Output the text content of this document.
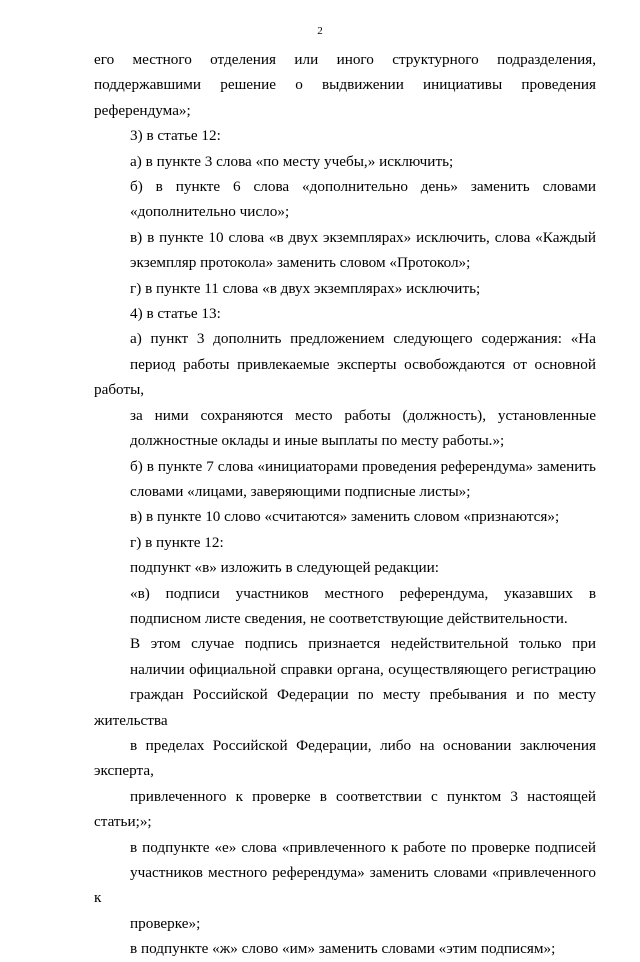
2
его местного отделения или иного структурного подразделения,
поддержавшими решение о выдвижении инициативы проведения
референдума»;
3) в статье 12:
а) в пункте 3 слова «по месту учебы,» исключить;
б) в пункте 6 слова «дополнительно день» заменить словами
«дополнительно число»;
в) в пункте 10 слова «в двух экземплярах» исключить, слова «Каждый
экземпляр протокола» заменить словом «Протокол»;
г) в пункте 11 слова «в двух экземплярах» исключить;
4) в статье 13:
а) пункт 3 дополнить предложением следующего содержания: «На
период работы привлекаемые эксперты освобождаются от основной работы,
за ними сохраняются место работы (должность), установленные
должностные оклады и иные выплаты по месту работы.»;
б) в пункте 7 слова «инициаторами проведения референдума» заменить
словами «лицами, заверяющими подписные листы»;
в) в пункте 10 слово «считаются» заменить словом «признаются»;
г) в пункте 12:
подпункт «в» изложить в следующей редакции:
«в) подписи участников местного референдума, указавших в
подписном листе сведения, не соответствующие действительности.
В этом случае подпись признается недействительной только при
наличии официальной справки органа, осуществляющего регистрацию
граждан Российской Федерации по месту пребывания и по месту жительства
в пределах Российской Федерации, либо на основании заключения эксперта,
привлеченного к проверке в соответствии с пунктом 3 настоящей статьи;»;
в подпункте «е» слова «привлеченного к работе по проверке подписей
участников местного референдума» заменить словами «привлеченного к
проверке»;
в подпункте «ж» слово «им» заменить словами «этим подписям»;
